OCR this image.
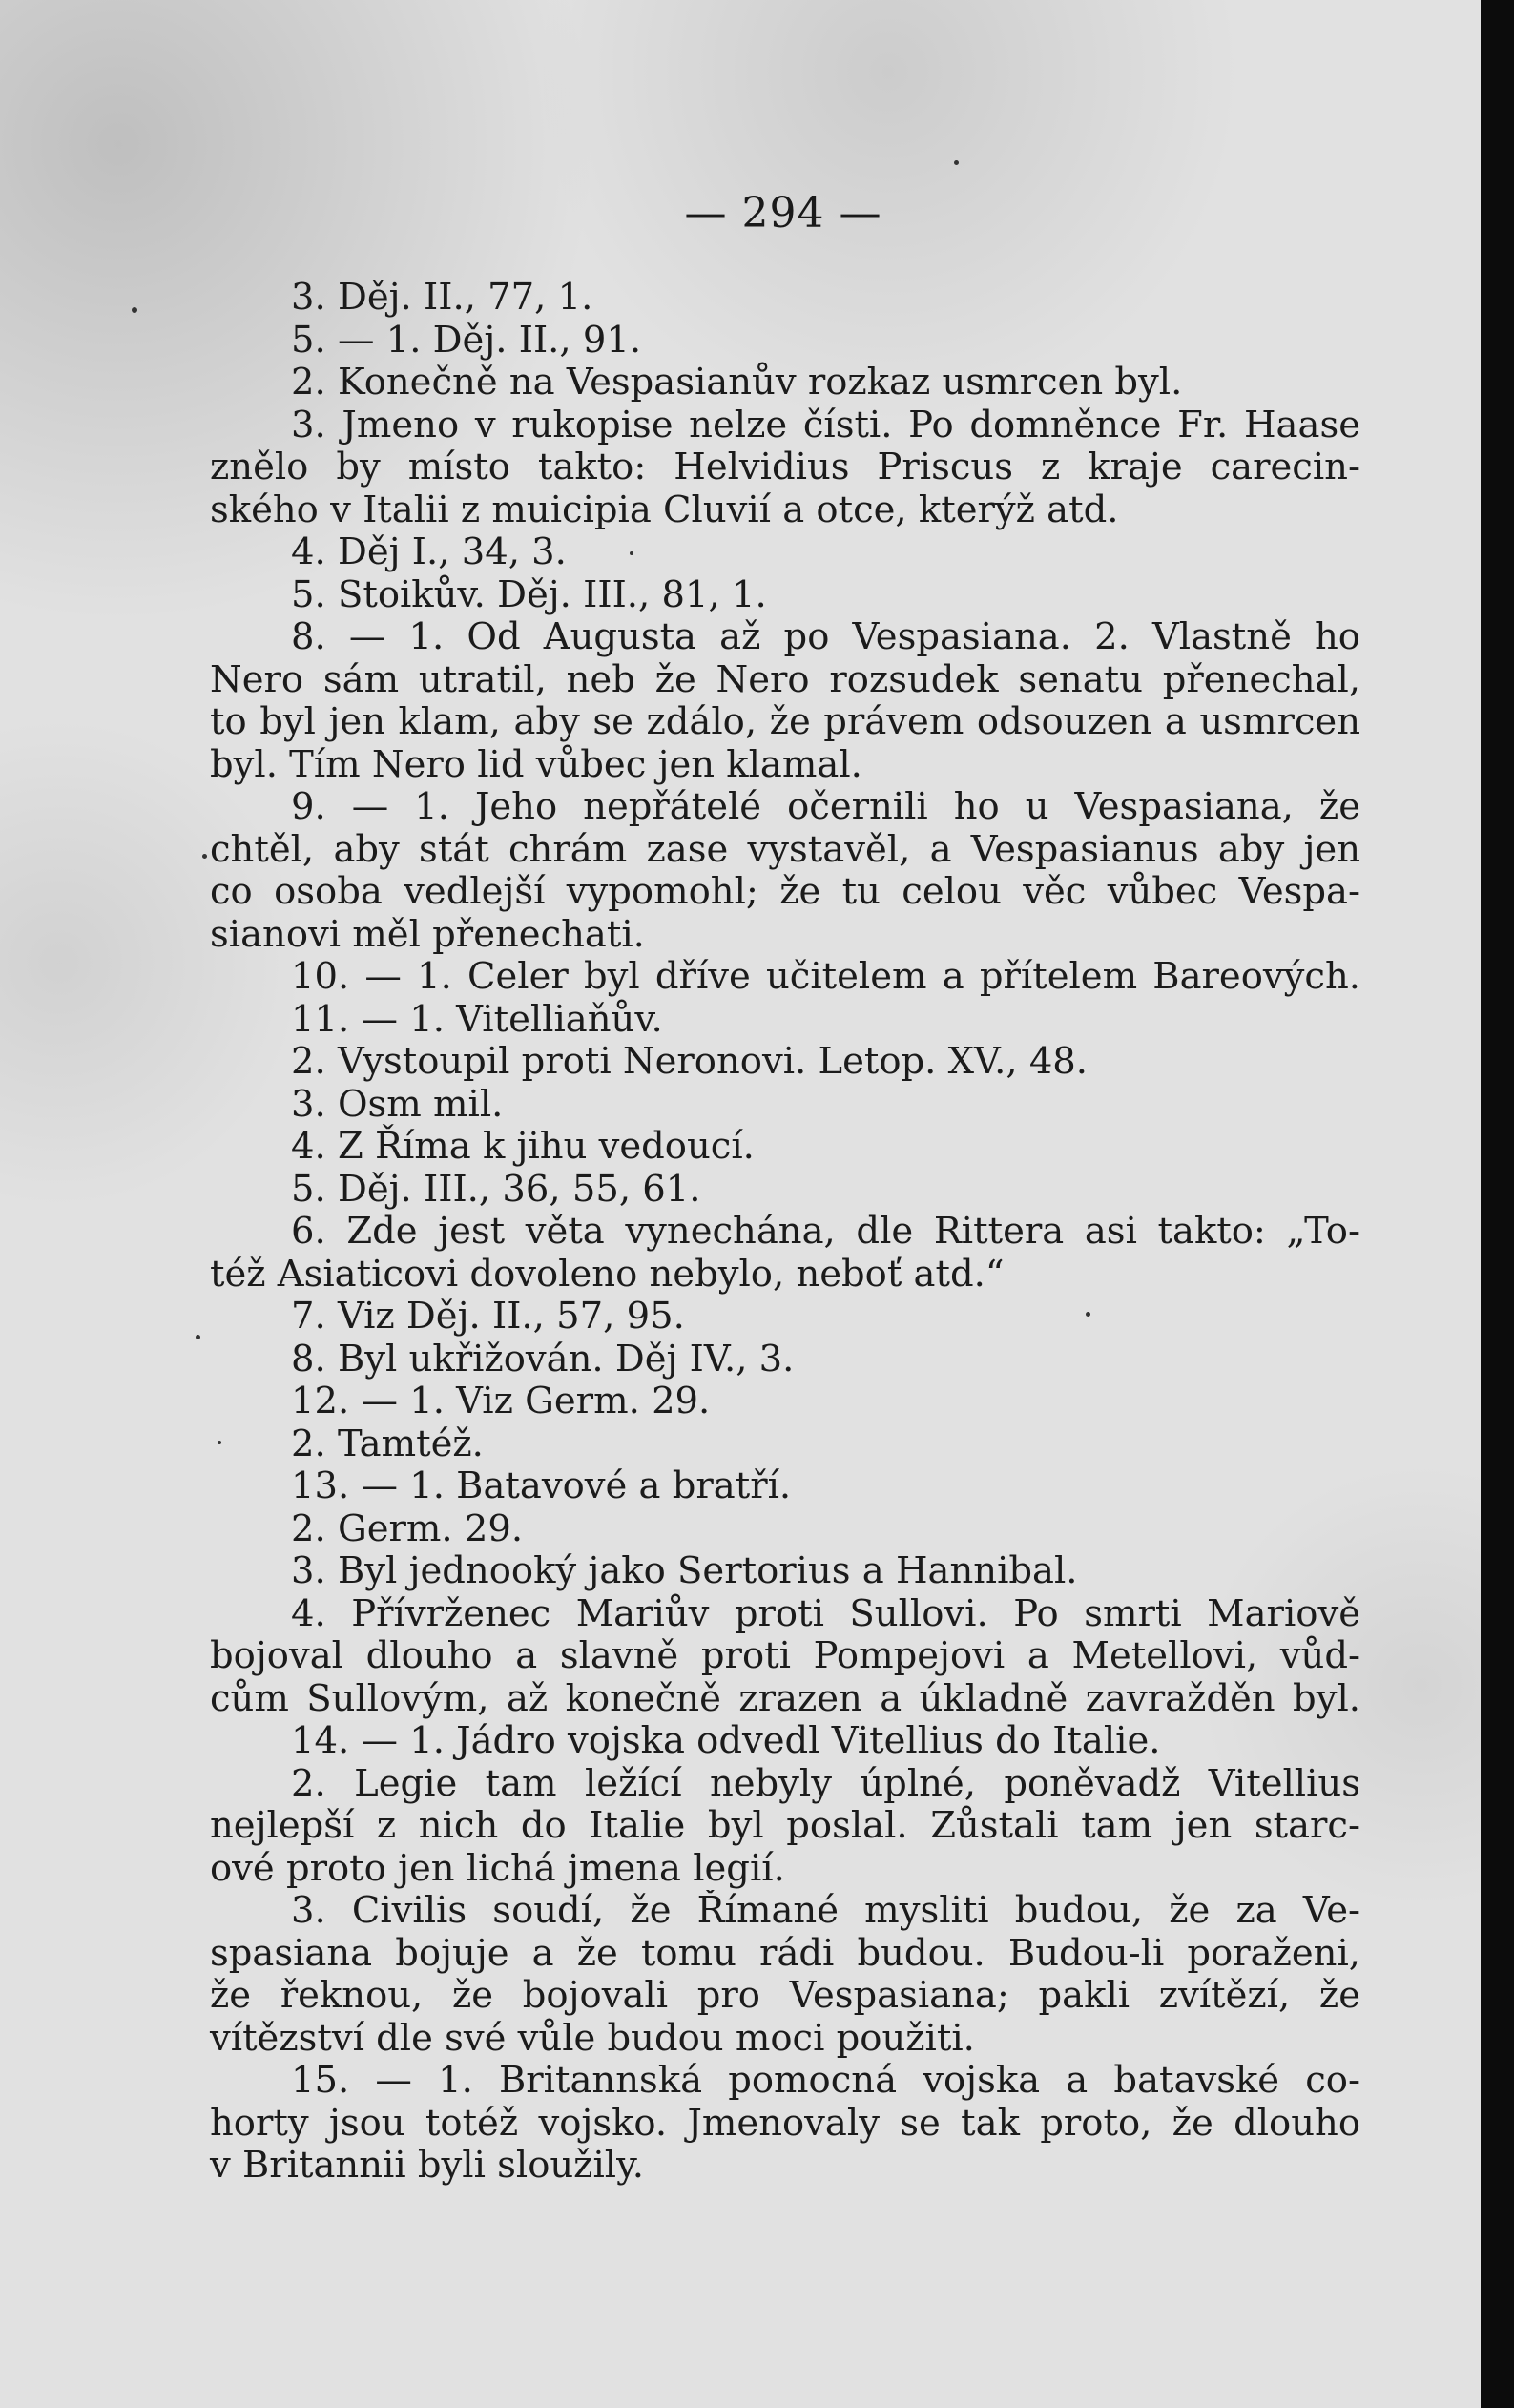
— 294 —
3. Děj. II., 77, 1.
5. — 1. Děj. II., 91.
2. Konečně na Vespasianův rozkaz usmrcen byl.
3. Jmeno v rukopise nelze čísti. Po domněnce Fr. Haase
znělo by místo takto: Helvidius Priscus z kraje carecin-
ského v Italii z muicipia Cluvií a otce, kterýž atd.
4. Děj I., 34, 3.
5. Stoikův. Děj. III., 81, 1.
8. — 1. Od Augusta až po Vespasiana. 2. Vlastně ho
Nero sám utratil, neb že Nero rozsudek senatu přenechal,
to byl jen klam, aby se zdálo, že právem odsouzen a usmrcen
byl. Tím Nero lid vůbec jen klamal.
9. — 1. Jeho nepřátelé očernili ho u Vespasiana, že
chtěl, aby stát chrám zase vystavěl, a Vespasianus aby jen
co osoba vedlejší vypomohl; že tu celou věc vůbec Vespa-
sianovi měl přenechati.
10. — 1. Celer byl dříve učitelem a přítelem Bareových.
11. — 1. Vitelliaňův.
2. Vystoupil proti Neronovi. Letop. XV., 48.
3. Osm mil.
4. Z Říma k jihu vedoucí.
5. Děj. III., 36, 55, 61.
6. Zde jest věta vynechána, dle Rittera asi takto: „To-
též Asiaticovi dovoleno nebylo, neboť atd.“
7. Viz Děj. II., 57, 95.
8. Byl ukřižován. Děj IV., 3.
12. — 1. Viz Germ. 29.
2. Tamtéž.
13. — 1. Batavové a bratří.
2. Germ. 29.
3. Byl jednooký jako Sertorius a Hannibal.
4. Přívrženec Mariův proti Sullovi. Po smrti Mariově
bojoval dlouho a slavně proti Pompejovi a Metellovi, vůd-
cům Sullovým, až konečně zrazen a úkladně zavražděn byl.
14. — 1. Jádro vojska odvedl Vitellius do Italie.
2. Legie tam ležící nebyly úplné, poněvadž Vitellius
nejlepší z nich do Italie byl poslal. Zůstali tam jen starc-
ové proto jen lichá jmena legií.
3. Civilis soudí, že Římané mysliti budou, že za Ve-
spasiana bojuje a že tomu rádi budou. Budou-li poraženi,
že řeknou, že bojovali pro Vespasiana; pakli zvítězí, že
vítězství dle své vůle budou moci použiti.
15. — 1. Britannská pomocná vojska a batavské co-
horty jsou totéž vojsko. Jmenovaly se tak proto, že dlouho
v Britannii byli sloužily.
